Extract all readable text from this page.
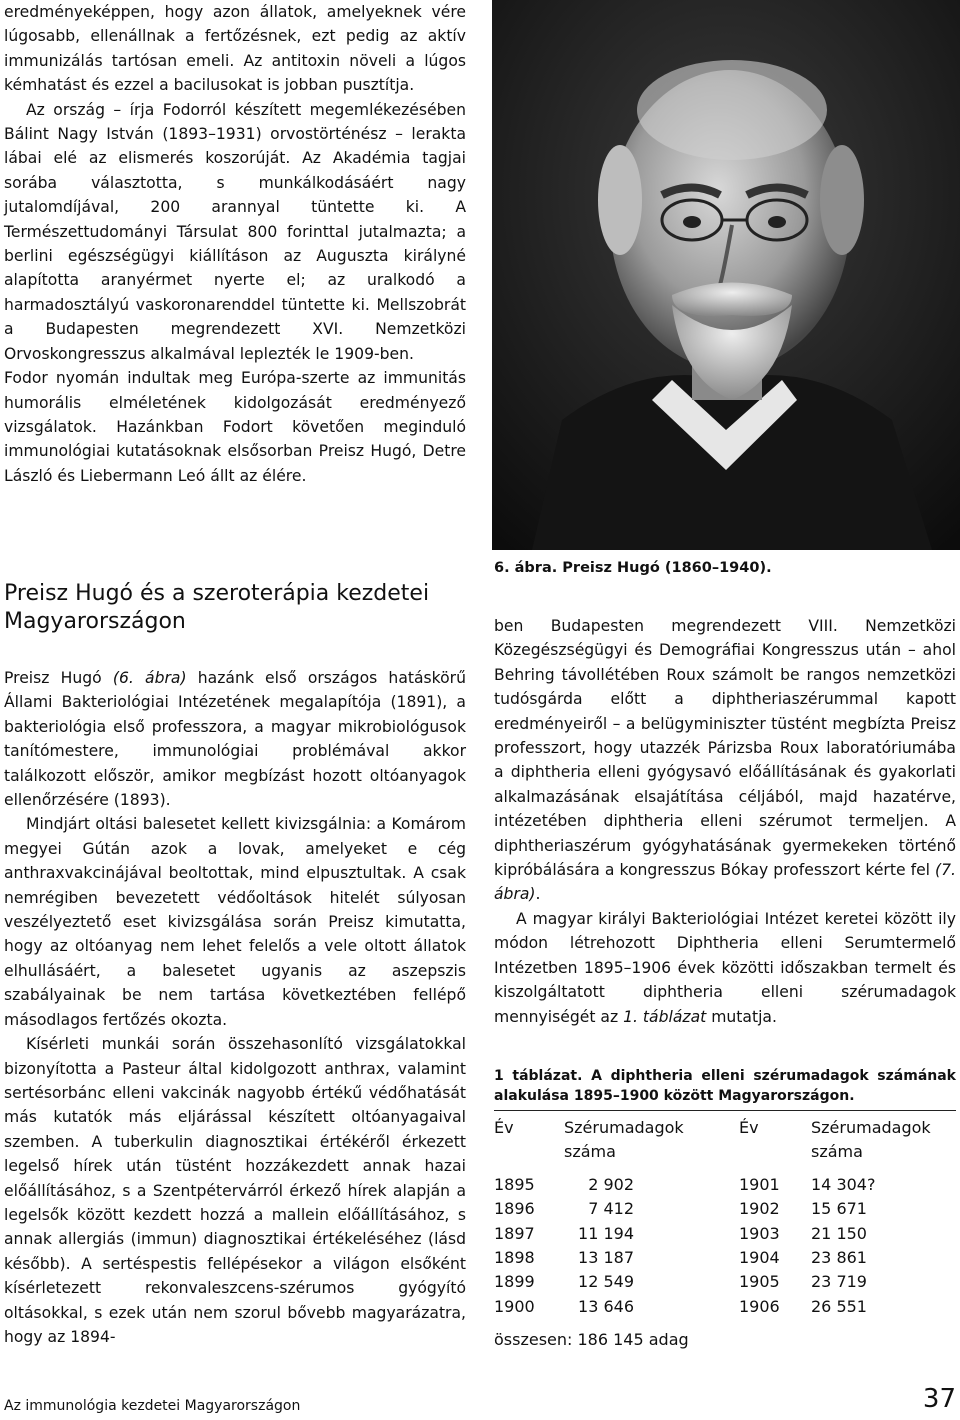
eredményeképpen, hogy azon állatok, amelyeknek vére lúgosabb, ellenállnak a fertőzésnek, ezt pedig az aktív immunizálás tartósan emeli. Az antitoxin növeli a lúgos kémhatást és ezzel a bacilusokat is jobban pusztítja.

Az ország – írja Fodorról készített megemlékezésében Bálint Nagy István (1893–1931) orvostörténész – lerakta lábai elé az elismerés koszorúját. Az Akadémia tagjai sorába választotta, s munkálkodásáért nagy jutalomdíjával, 200 arannyal tüntette ki. A Természettudományi Társulat 800 forinttal jutalmazta; a berlini egészségügyi kiállításon az Auguszta királyné alapította aranyérmet nyerte el; az uralkodó a harmadosztályú vaskoronarenddel tüntette ki. Mellszobrát a Budapesten megrendezett XVI. Nemzetközi Orvoskongresszus alkalmával leplezték le 1909-ben.

Fodor nyomán indultak meg Európa-szerte az immunitás humorális elméletének kidolgozását eredményező vizsgálatok. Hazánkban Fodort követően meginduló immunológiai kutatásoknak elsősorban Preisz Hugó, Detre László és Liebermann Leó állt az élére.

Preisz Hugó és a szeroterápia kezdetei Magyarországon

Preisz Hugó (6. ábra) hazánk első országos hatáskörű Állami Bakteriológiai Intézetének megalapítója (1891), a bakteriológia első professzora, a magyar mikrobiológusok tanítómestere, immunológiai problémával akkor találkozott először, amikor megbízást hozott oltóanyagok ellenőrzésére (1893).

Mindjárt oltási balesetet kellett kivizsgálnia: a Komárom megyei Gútán azok a lovak, amelyeket e cég anthraxvakcinájával beoltottak, mind elpusztultak. A csak nemrégiben bevezetett védőoltások hitelét súlyosan veszélyeztető eset kivizsgálása során Preisz kimutatta, hogy az oltóanyag nem lehet felelős a vele oltott állatok elhullásáért, a balesetet ugyanis az aszepszis szabályainak be nem tartása következtében fellépő másodlagos fertőzés okozta.

Kísérleti munkái során összehasonlító vizsgálatokkal bizonyította a Pasteur által kidolgozott anthrax, valamint sertésorbánc elleni vakcinák nagyobb értékű védőhatását más kutatók más eljárással készített oltóanyagaival szemben. A tuberkulin diagnosztikai értékéről érkezett legelső hírek után tüstént hozzákezdett annak hazai előállításához, s a Szentpétervárról érkező hírek alapján a legelsők között kezdett hozzá a mallein előállításához, s annak allergiás (immun) diagnosztikai értékeléséhez (lásd később). A sertéspestis fellépésekor a világon elsőként kísérletezett rekonvaleszcens-szérumos gyógyító oltásokkal, s ezek után nem szorul bővebb magyarázatra, hogy az 1894-

6. ábra. Preisz Hugó (1860–1940).

ben Budapesten megrendezett VIII. Nemzetközi Közegészségügyi és Demográfiai Kongresszus után – ahol Behring távollétében Roux számolt be rangos nemzetközi tudósgárda előtt a diphtheriaszérummal kapott eredményeiről – a belügyminiszter tüstént megbízta Preisz professzort, hogy utazzék Párizsba Roux laboratóriumába a diphtheria elleni gyógysavó előállításának és gyakorlati alkalmazásának elsajátítása céljából, majd hazatérve, intézetében diphtheria elleni szérumot termeljen. A diphtheriaszérum gyógyhatásának gyermekeken történő kipróbálására a kongresszus Bókay professzort kérte fel (7. ábra).

A magyar királyi Bakteriológiai Intézet keretei között ily módon létrehozott Diphtheria elleni Serumtermelő Intézetben 1895–1906 évek közötti időszakban termelt és kiszolgáltatott diphtheria elleni szérumadagok mennyiségét az 1. táblázat mutatja.

1 táblázat. A diphtheria elleni szérumadagok számának alakulása 1895–1900 között Magyarországon.
Év	Szérumadagok száma	Év	Szérumadagok száma

1895	2 902	1901	14 304?
1896	7 412	1902	15 671
1897	11 194	1903	21 150
1898	13 187	1904	23 861
1899	12 549	1905	23 719
1900	13 646	1906	26 551
összesen: 186 145 adag
Az immunológia kezdetei Magyarországon	37
